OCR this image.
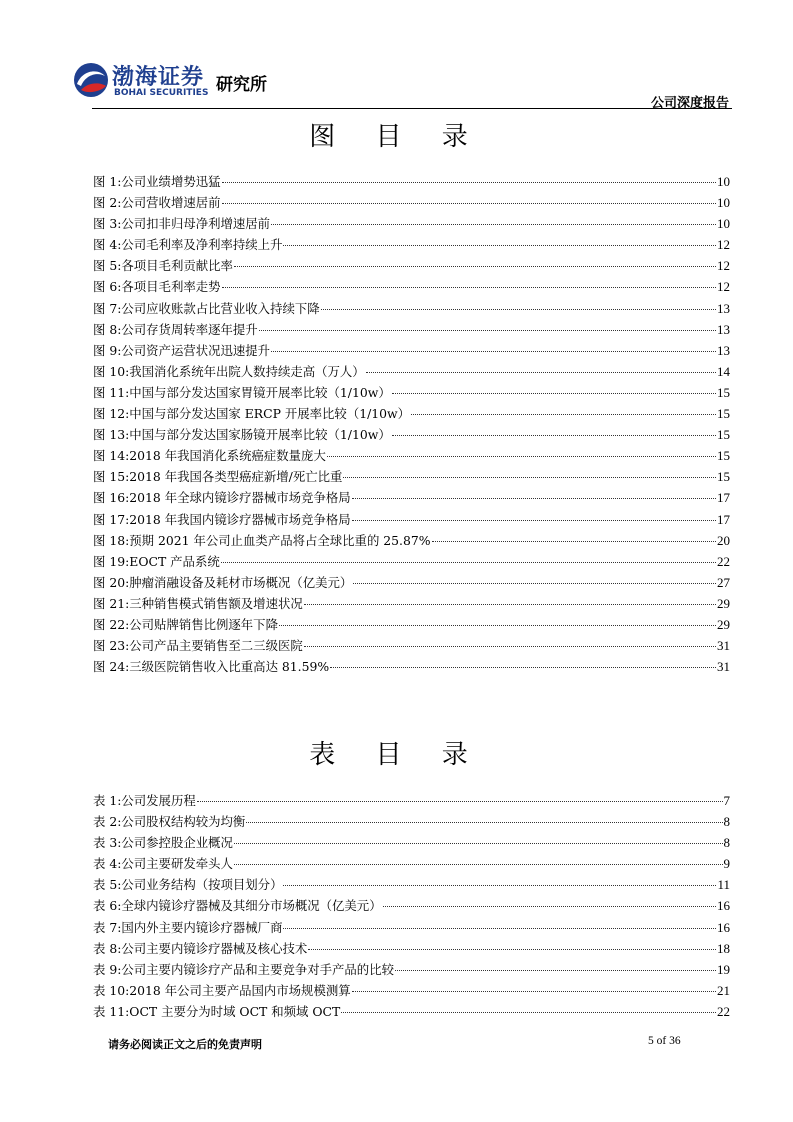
渤海证券
BOHAI SECURITIES 研究所
公司深度报告
图 目 录
图 1: 公司业绩增势迅猛	10
图 2: 公司营收增速居前	10
图 3: 公司扣非归母净利增速居前	10
图 4: 公司毛利率及净利率持续上升	12
图 5: 各项目毛利贡献比率	12
图 6: 各项目毛利率走势	12
图 7: 公司应收账款占比营业收入持续下降	13
图 8: 公司存货周转率逐年提升	13
图 9: 公司资产运营状况迅速提升	13
图 10: 我国消化系统年出院人数持续走高（万人）	14
图 11: 中国与部分发达国家胃镜开展率比较（1/10w）	15
图 12: 中国与部分发达国家 ERCP 开展率比较（1/10w）	15
图 13: 中国与部分发达国家肠镜开展率比较（1/10w）	15
图 14: 2018 年我国消化系统癌症数量庞大	15
图 15: 2018 年我国各类型癌症新增/死亡比重	15
图 16: 2018 年全球内镜诊疗器械市场竞争格局	17
图 17: 2018 年我国内镜诊疗器械市场竞争格局	17
图 18: 预期 2021 年公司止血类产品将占全球比重的 25.87%	20
图 19: EOCT 产品系统	22
图 20: 肿瘤消融设备及耗材市场概况（亿美元）	27
图 21: 三种销售模式销售额及增速状况	29
图 22: 公司贴牌销售比例逐年下降	29
图 23: 公司产品主要销售至二三级医院	31
图 24: 三级医院销售收入比重高达 81.59%	31
表 目 录
表 1: 公司发展历程	7
表 2: 公司股权结构较为均衡	8
表 3: 公司参控股企业概况	8
表 4: 公司主要研发牵头人	9
表 5: 公司业务结构（按项目划分）	11
表 6: 全球内镜诊疗器械及其细分市场概况（亿美元）	16
表 7: 国内外主要内镜诊疗器械厂商	16
表 8: 公司主要内镜诊疗器械及核心技术	18
表 9: 公司主要内镜诊疗产品和主要竞争对手产品的比较	19
表 10: 2018 年公司主要产品国内市场规模测算	21
表 11: OCT 主要分为时域 OCT 和频域 OCT	22
请务必阅读正文之后的免责声明	5 of 36
